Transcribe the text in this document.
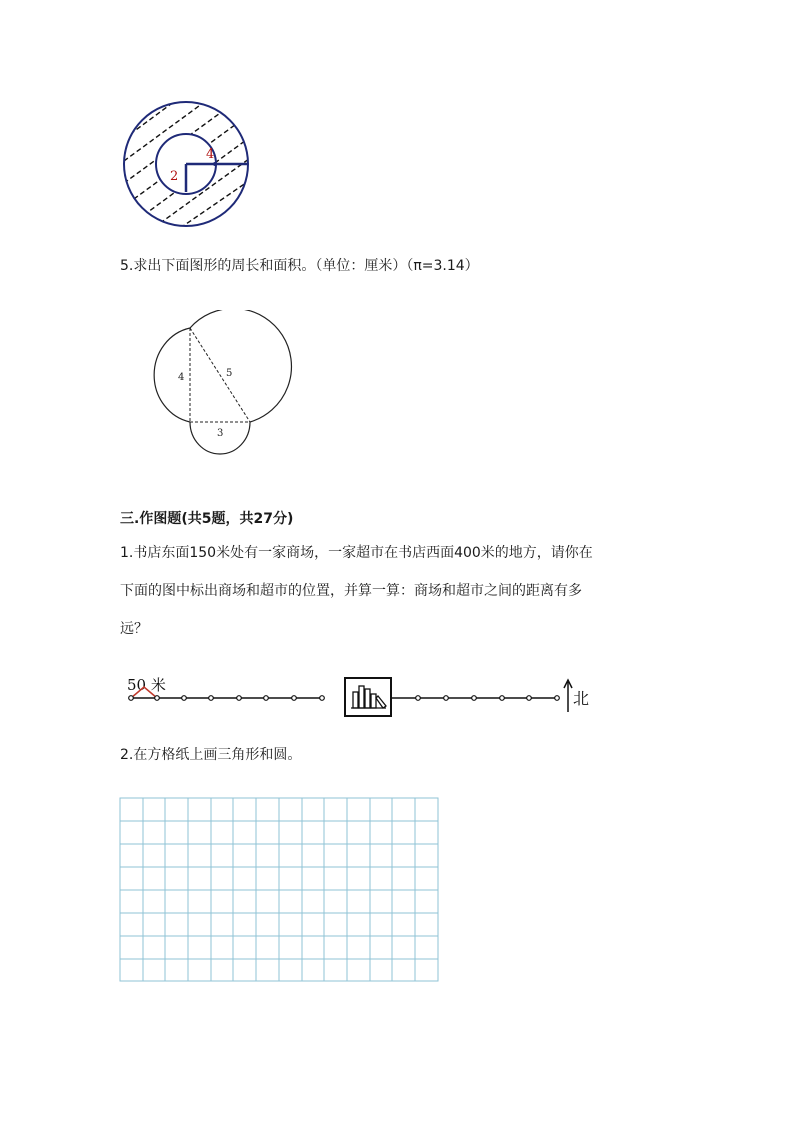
2
4
5.求出下面图形的周长和面积。（单位：厘米）（π=3.14）
4	5
3
三.作图题(共5题，共27分)
1.书店东面150米处有一家商场，一家超市在书店西面400米的地方，请你在
下面的图中标出商场和超市的位置，并算一算：商场和超市之间的距离有多
远？
50 米
北
2.在方格纸上画三角形和圆。
